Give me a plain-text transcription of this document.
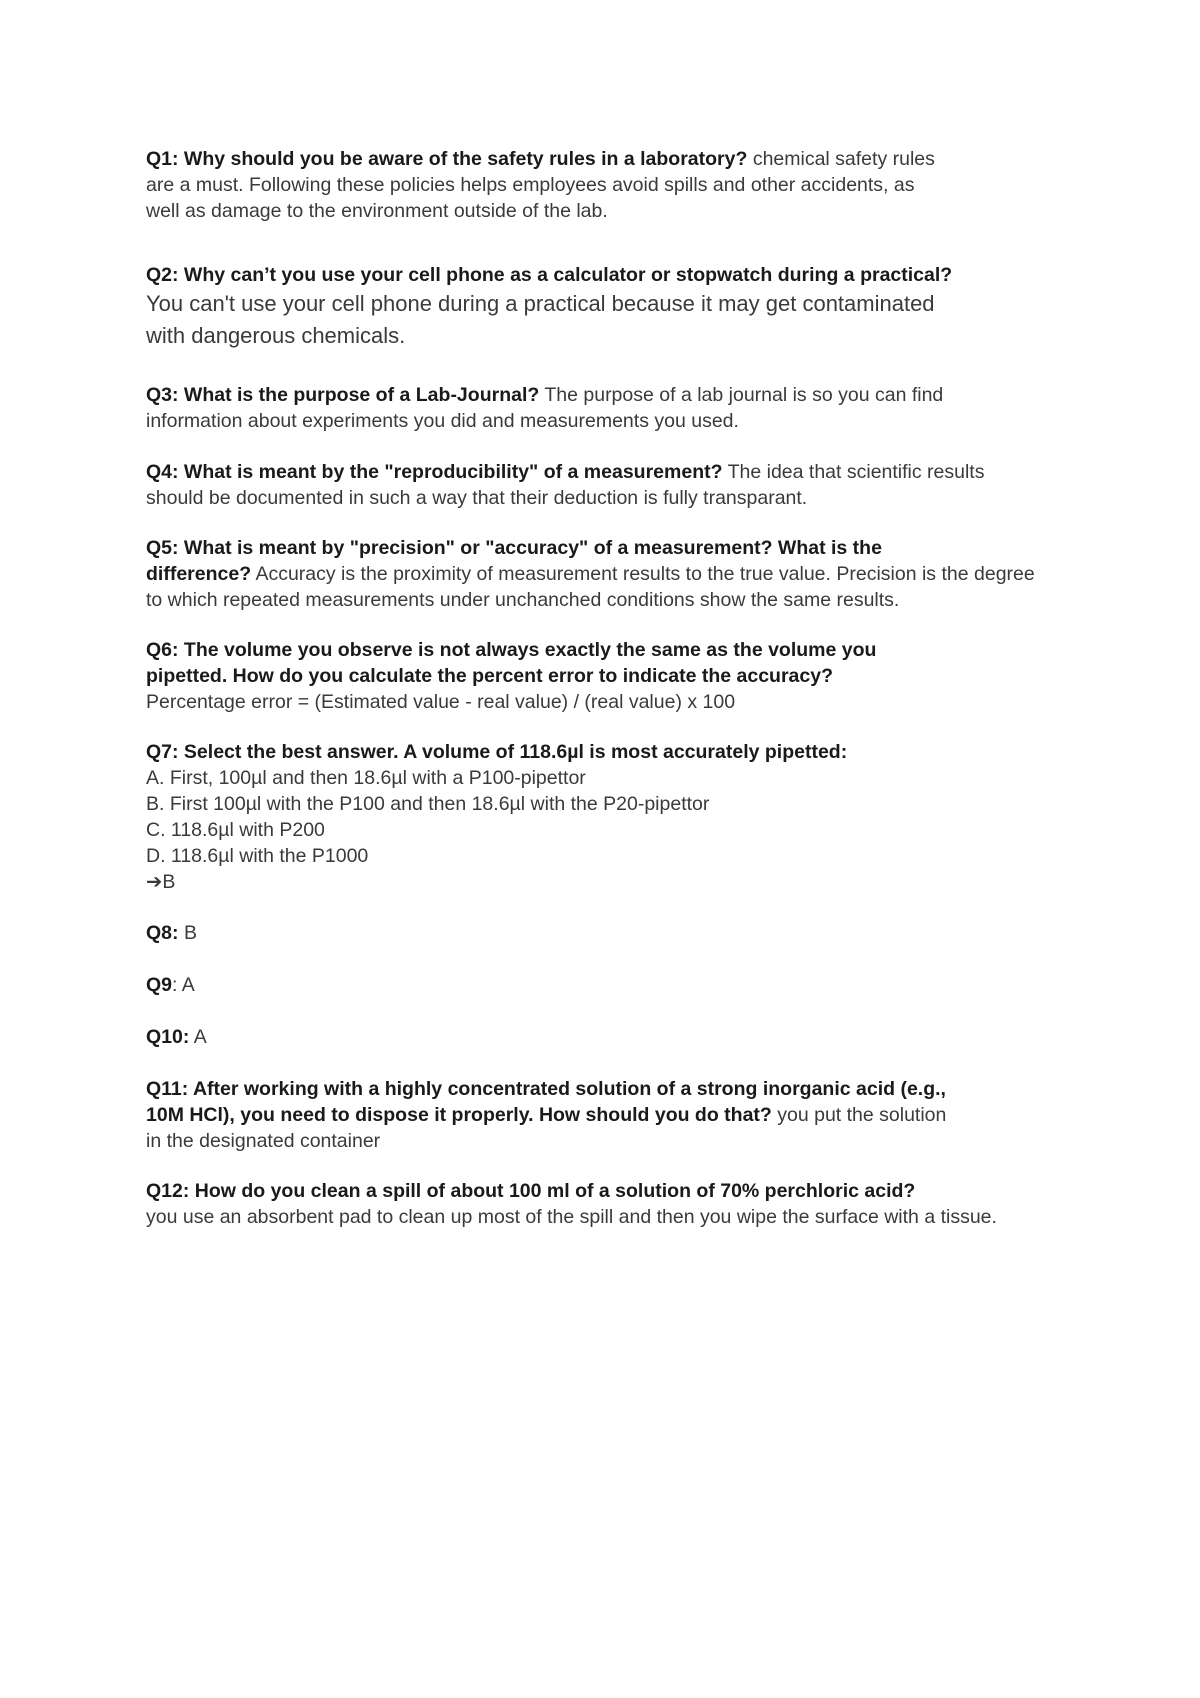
Q1: Why should you be aware of the safety rules in a laboratory? chemical safety rules
are a must. Following these policies helps employees avoid spills and other accidents, as
well as damage to the environment outside of the lab.
Q2: Why can’t you use your cell phone as a calculator or stopwatch during a practical?
You can't use your cell phone during a practical because it may get contaminated
with dangerous chemicals.
Q3: What is the purpose of a Lab-Journal? The purpose of a lab journal is so you can find
information about experiments you did and measurements you used.
Q4: What is meant by the "reproducibility" of a measurement? The idea that scientific results
should be documented in such a way that their deduction is fully transparant.
Q5: What is meant by "precision" or "accuracy" of a measurement? What is the
difference? Accuracy is the proximity of measurement results to the true value. Precision is the degree
to which repeated measurements under unchanched conditions show the same results.
Q6: The volume you observe is not always exactly the same as the volume you
pipetted. How do you calculate the percent error to indicate the accuracy?
Percentage error = (Estimated value - real value) / (real value) x 100
Q7: Select the best answer. A volume of 118.6µl is most accurately pipetted:
A. First, 100µl and then 18.6µl with a P100-pipettor
B. First 100µl with the P100 and then 18.6µl with the P20-pipettor
C. 118.6µl with P200
D. 118.6µl with the P1000
➔B
Q8: B
Q9: A
Q10: A
Q11: After working with a highly concentrated solution of a strong inorganic acid (e.g.,
10M HCl), you need to dispose it properly. How should you do that? you put the solution
in the designated container
Q12: How do you clean a spill of about 100 ml of a solution of 70% perchloric acid?
you use an absorbent pad to clean up most of the spill and then you wipe the surface with a tissue.
